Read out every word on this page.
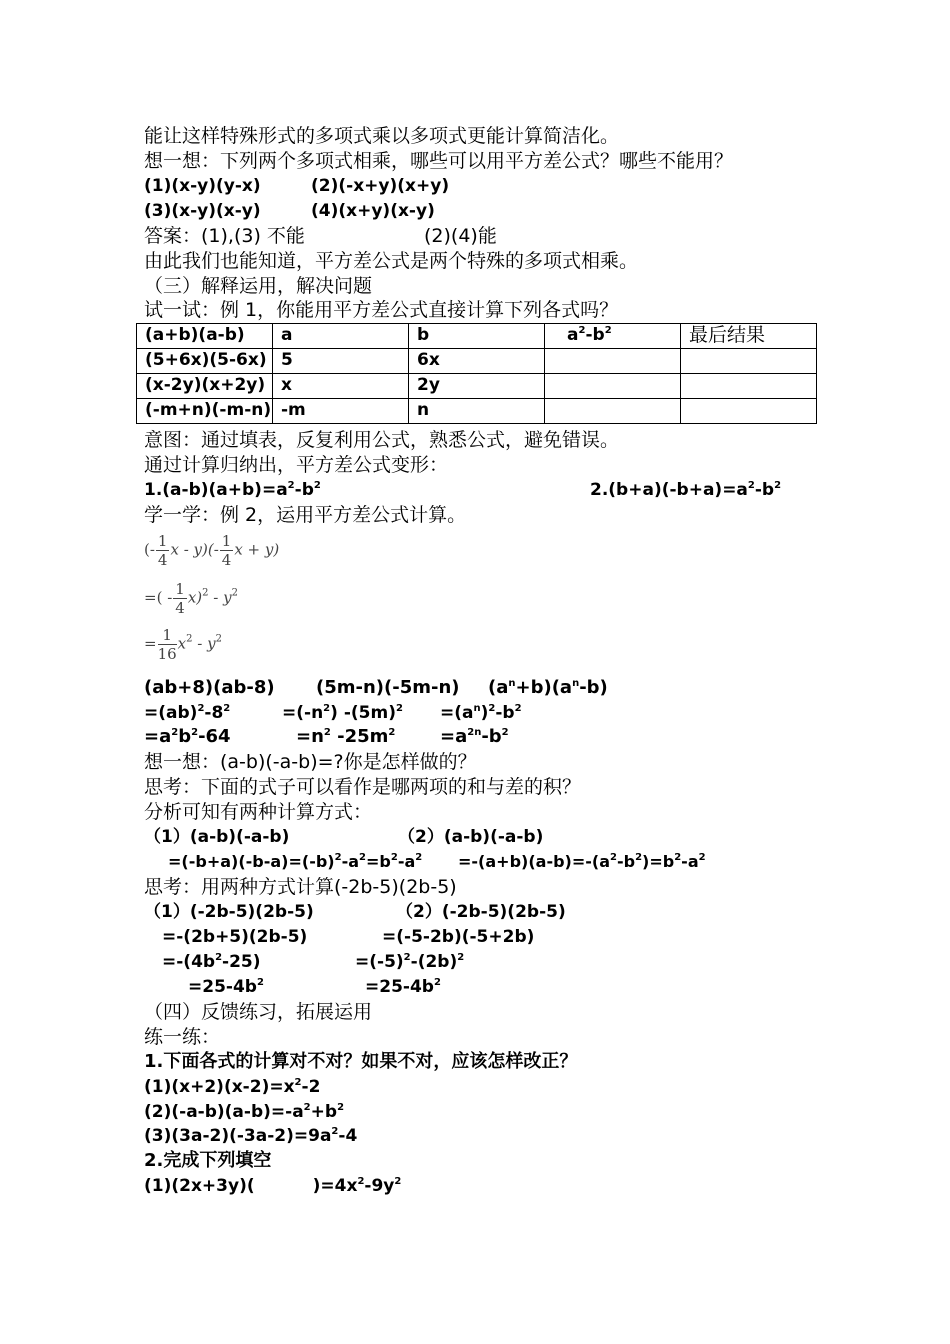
能让这样特殊形式的多项式乘以多项式更能计算简洁化。
想一想：下列两个多项式相乘，哪些可以用平方差公式？哪些不能用？
(1)(x-y)(y-x)	(2)(-x+y)(x+y)
(3)(x-y)(x-y)	(4)(x+y)(x-y)
答案：(1),(3) 不能	(2)(4)能
由此我们也能知道，平方差公式是两个特殊的多项式相乘。
（三）解释运用，解决问题
试一试：例 1，你能用平方差公式直接计算下列各式吗？
(a+b)(a-b)	a	b	$a^2-b^2$	最后结果
(5+6x)(5-6x)	5	6x		
(x-2y)(x+2y)	x	2y		
(-m+n)(-m-n)	-m	n		
意图：通过填表，反复利用公式，熟悉公式，避免错误。
通过计算归纳出，平方差公式变形：
$1.(a-b)(a+b)=a^2-b^2$	$2.(b+a)(-b+a)=a^2-b^2$
学一学：例 2，运用平方差公式计算。
(- $\frac{1}{4}$ x - $y)(- \frac{1}{4}$ x + y)
=( - $\frac{1}{4} x)^2 - y^2$
= $\frac{1}{16} x^2 - y^2$
(ab+8)(ab-8) (5m-n)(-5m-n) $(a^n+b)(a^n-b)$
$=(ab)^2-8^2$	$=(-n^2)$ $-(5m)^2 =(a^n)^2-b^2$
$=a^2b^2-64$	$=n^2$ $-25m^2 =a^{2n}-b^2$
想一想：(a-b)(-a-b)=?你是怎样做的？
思考：下面的式子可以看作是哪两项的和与差的积？
分析可知有两种计算方式：
（1）(a-b)(-a-b)	（2）(a-b)(-a-b)
$=(-b+a)(-b-a)=(-b)^2-a^2=b^2-a^2 =-(a+b)(a-b)=-(a^2-b^2)=b^2-a^2$
思考：用两种方式计算(-2b-5)(2b-5)
（1）(-2b-5)(2b-5)	（2）(-2b-5)(2b-5)
=-(2b+5)(2b-5)	=(-5-2b)(-5+2b)
$=-(4b^2-25)$	$=(-5)^2-(2b)^2$
$=25-4b^2$	$=25-4b^2$
（四）反馈练习，拓展运用
练一练：
1.下面各式的计算对不对？如果不对，应该怎样改正？
$(1)(x+2)(x-2)=x^2-2$
$(2)(-a-b)(a-b)=-a^2+b^2$
$(3)(3a-2)(-3a-2)=9a^2-4$
2.完成下列填空
(1)(2x+3y)(	)$=4x^2-9y^2$
